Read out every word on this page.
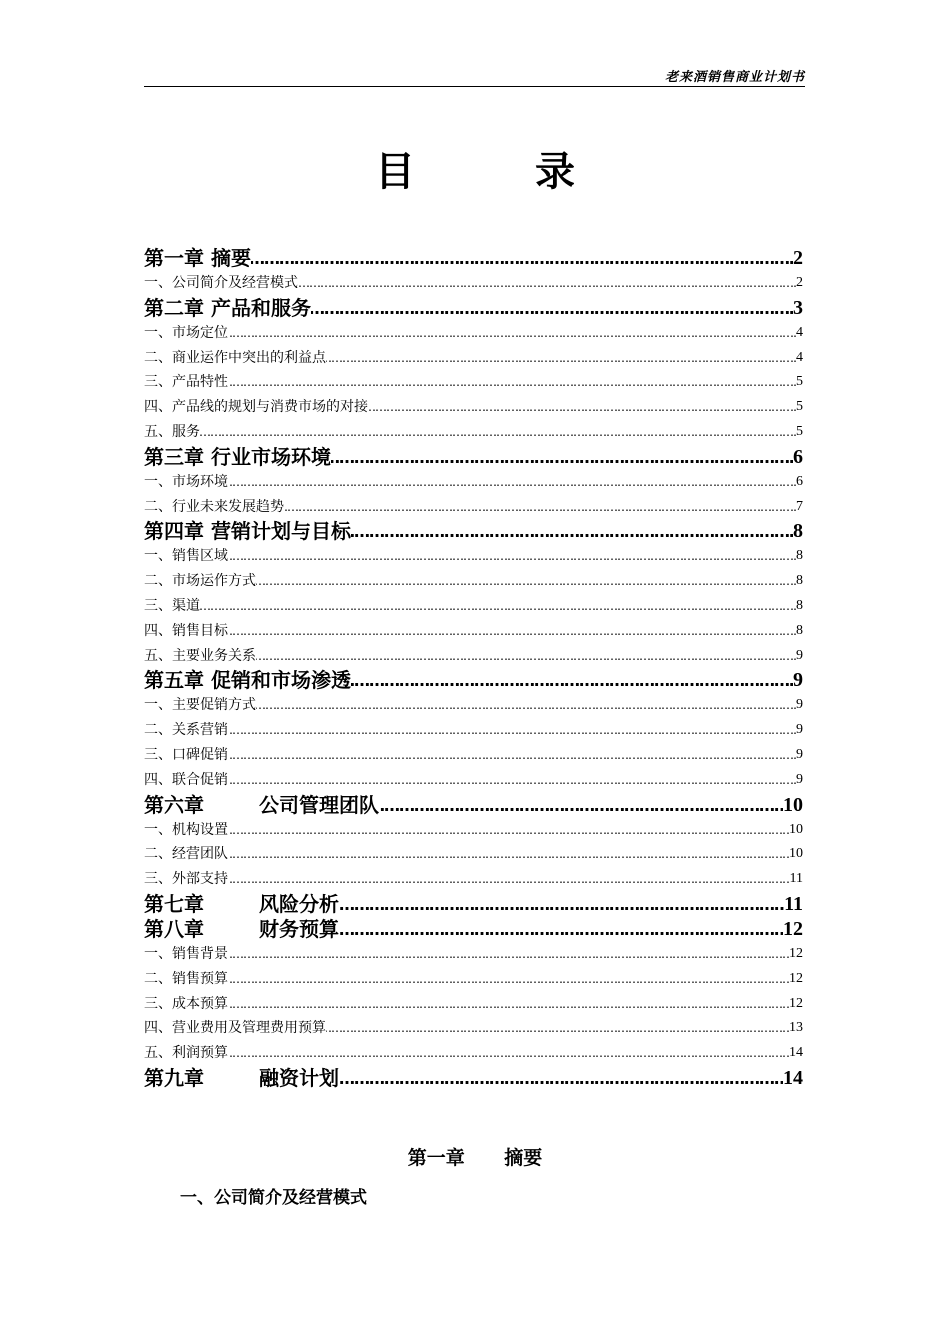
老来酒销售商业计划书
目　录
第一章 摘要	2
……………………………………………………………………………………………………………………………………………………………………………………………………………………………………………………
一、公司简介及经营模式	2
……………………………………………………………………………………………………………………………………………………………………………………………………………………………………………………
第二章 产品和服务	3
……………………………………………………………………………………………………………………………………………………………………………………………………………………………………………………
一、市场定位	4
……………………………………………………………………………………………………………………………………………………………………………………………………………………………………………………
二、商业运作中突出的利益点	4
……………………………………………………………………………………………………………………………………………………………………………………………………………………………………………………
三、产品特性	5
……………………………………………………………………………………………………………………………………………………………………………………………………………………………………………………
四、产品线的规划与消费市场的对接	5
……………………………………………………………………………………………………………………………………………………………………………………………………………………………………………………
五、服务	5
……………………………………………………………………………………………………………………………………………………………………………………………………………………………………………………
第三章 行业市场环境	6
……………………………………………………………………………………………………………………………………………………………………………………………………………………………………………………
一、市场环境	6
……………………………………………………………………………………………………………………………………………………………………………………………………………………………………………………
二、行业未来发展趋势	7
……………………………………………………………………………………………………………………………………………………………………………………………………………………………………………………
第四章 营销计划与目标	8
……………………………………………………………………………………………………………………………………………………………………………………………………………………………………………………
一、销售区域	8
……………………………………………………………………………………………………………………………………………………………………………………………………………………………………………………
二、市场运作方式	8
……………………………………………………………………………………………………………………………………………………………………………………………………………………………………………………
三、渠道	8
……………………………………………………………………………………………………………………………………………………………………………………………………………………………………………………
四、销售目标	8
……………………………………………………………………………………………………………………………………………………………………………………………………………………………………………………
五、主要业务关系	9
……………………………………………………………………………………………………………………………………………………………………………………………………………………………………………………
第五章 促销和市场渗透	9
……………………………………………………………………………………………………………………………………………………………………………………………………………………………………………………
一、主要促销方式	9
……………………………………………………………………………………………………………………………………………………………………………………………………………………………………………………
二、关系营销	9
……………………………………………………………………………………………………………………………………………………………………………………………………………………………………………………
三、口碑促销	9
……………………………………………………………………………………………………………………………………………………………………………………………………………………………………………………
四、联合促销	9
……………………………………………………………………………………………………………………………………………………………………………………………………………………………………………………
第六章	公司管理团队	10
……………………………………………………………………………………………………………………………………………………………………………………………………………………………………………………
一、机构设置	10
……………………………………………………………………………………………………………………………………………………………………………………………………………………………………………………
二、经营团队	10
……………………………………………………………………………………………………………………………………………………………………………………………………………………………………………………
三、外部支持	11
……………………………………………………………………………………………………………………………………………………………………………………………………………………………………………………
第七章	风险分析	11
……………………………………………………………………………………………………………………………………………………………………………………………………………………………………………………
第八章	财务预算	12
……………………………………………………………………………………………………………………………………………………………………………………………………………………………………………………
一、销售背景	12
……………………………………………………………………………………………………………………………………………………………………………………………………………………………………………………
二、销售预算	12
……………………………………………………………………………………………………………………………………………………………………………………………………………………………………………………
三、成本预算	12
……………………………………………………………………………………………………………………………………………………………………………………………………………………………………………………
四、营业费用及管理费用预算	13
……………………………………………………………………………………………………………………………………………………………………………………………………………………………………………………
五、利润预算	14
……………………………………………………………………………………………………………………………………………………………………………………………………………………………………………………
第九章	融资计划	14
……………………………………………………………………………………………………………………………………………………………………………………………………………………………………………………
第一章　 摘要
一、公司简介及经营模式
